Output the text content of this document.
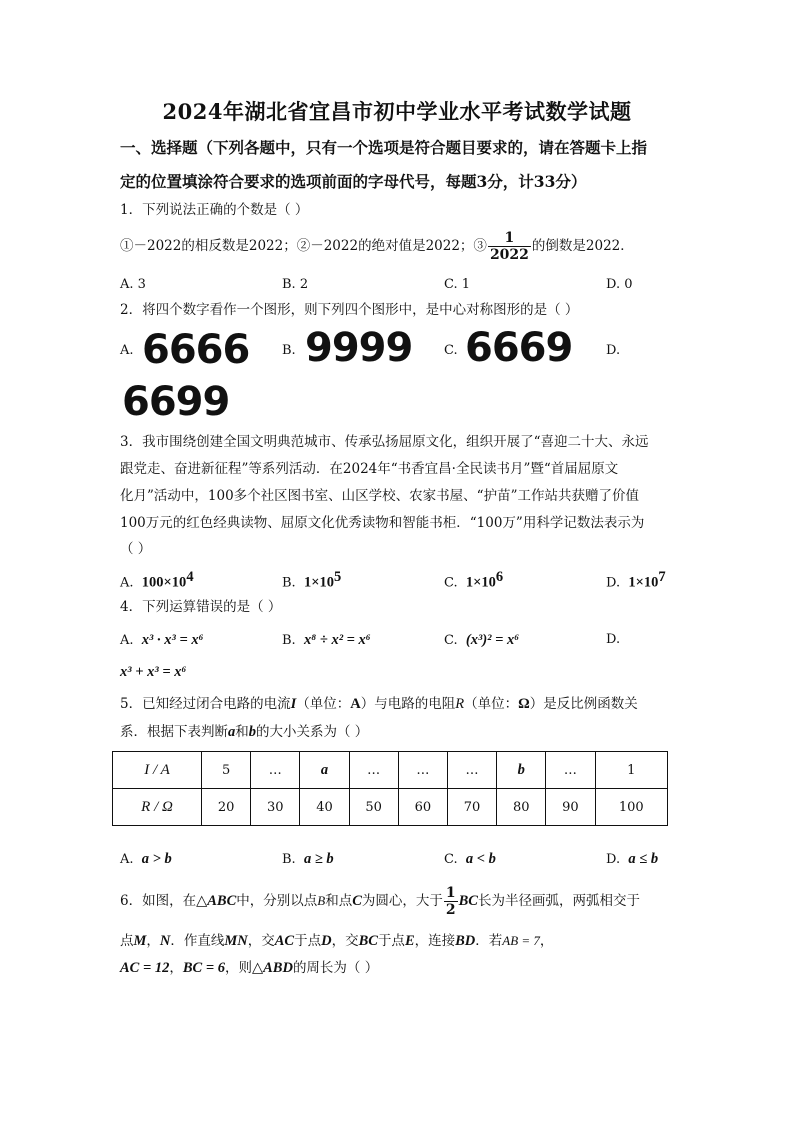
2024年湖北省宜昌市初中学业水平考试数学试题
一、选择题（下列各题中，只有一个选项是符合题目要求的，请在答题卡上指
定的位置填涂符合要求的选项前面的字母代号，每题3分，计33分）
1．下列说法正确的个数是（ ）
①－2022的相反数是2022；②－2022的绝对值是2022；③ $\frac{1}{2022}$ 的倒数是2022．
A. 3	B. 2	C. 1	D. 0
2．将四个数字看作一个图形，则下列四个图形中，是中心对称图形的是（ ）
A. 6666	B. 9999 C. 6669	D.
6699
3．我市围绕创建全国文明典范城市、传承弘扬屈原文化，组织开展了“喜迎二十大、永远
跟党走、奋进新征程”等系列活动．在2024年“书香宜昌·全民读书月”暨“首届屈原文
化月”活动中，100多个社区图书室、山区学校、农家书屋、“护苗”工作站共获赠了价值
100万元的红色经典读物、屈原文化优秀读物和智能书柜．“100万”用科学记数法表示为
（ ）
A. $100\times 10^4$	B. $1\times 10^5$	C. $1\times 10^6$	D. $1\times 10^7$
4．下列运算错误的是（ ）
A. x³ · x³ = x⁶	B. x⁸ ÷ x² = x⁶	C. (x³)² = x⁶	D.
x³ + x³ = x⁶
5．已知经过闭合电路的电流I（单位：A）与电路的电阻R（单位：Ω）是反比例函数关
系．根据下表判断a和b的大小关系为（ ）
I / A	5	…	a	…	…	…	b	…	1
R / Ω	20	30	40	50	60	70	80	90	100
A. a > b	B. a ≥ b	C. a < b	D. a ≤ b
6．如图，在△ABC中，分别以点B和点C为圆心，大于 $\frac{1}{2}$ BC长为半径画弧，两弧相交于
点M，N．作直线MN，交AC于点D，交BC于点E，连接BD．若AB = 7，
AC = 12，BC = 6，则△ABD的周长为（ ）
